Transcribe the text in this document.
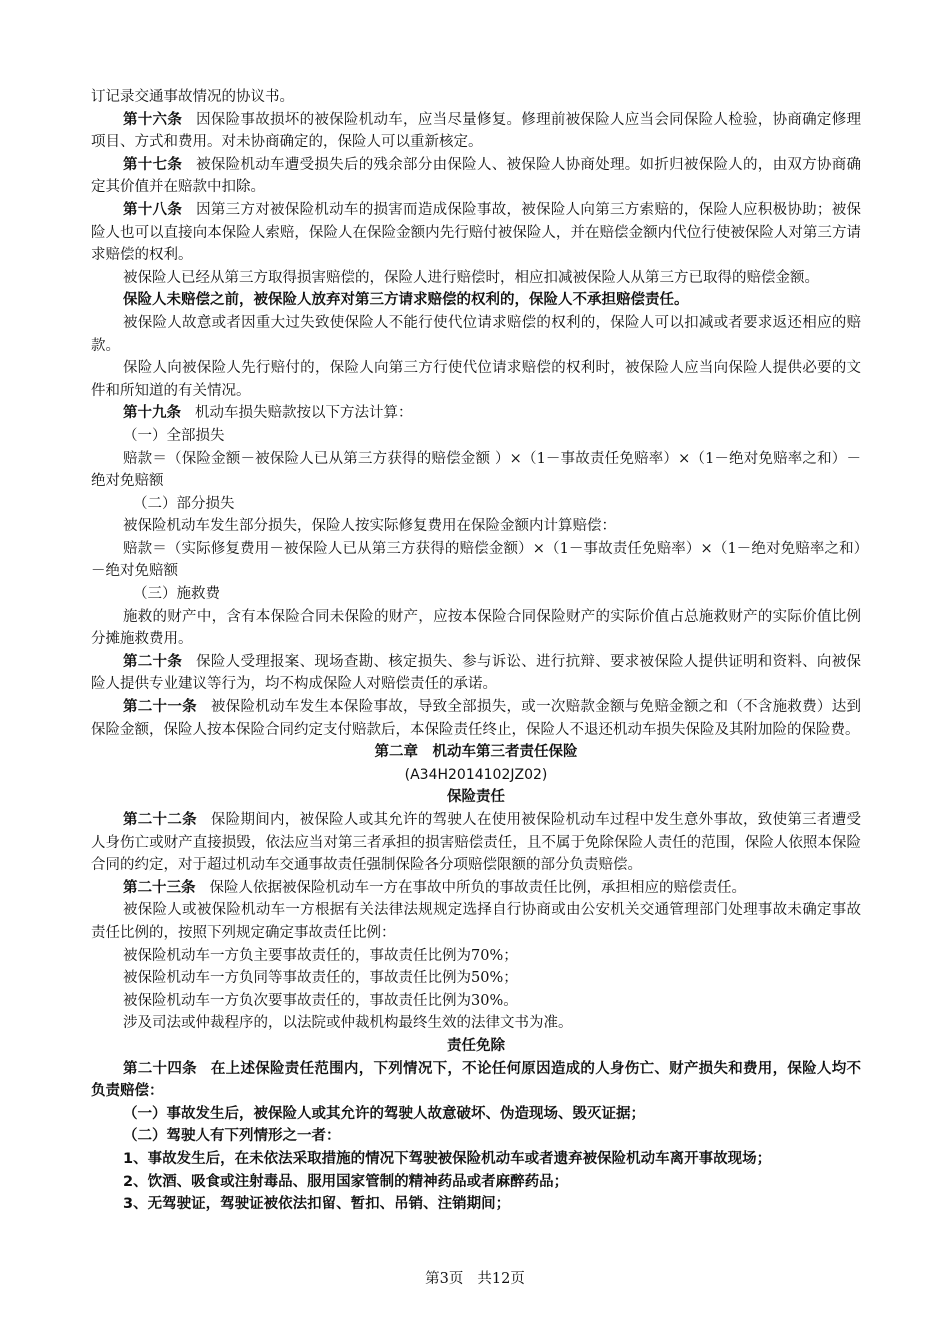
订记录交通事故情况的协议书。

第十六条 因保险事故损坏的被保险机动车，应当尽量修复。修理前被保险人应当会同保险人检验，协商确定修理项目、方式和费用。对未协商确定的，保险人可以重新核定。

第十七条 被保险机动车遭受损失后的残余部分由保险人、被保险人协商处理。如折归被保险人的，由双方协商确定其价值并在赔款中扣除。

第十八条 因第三方对被保险机动车的损害而造成保险事故，被保险人向第三方索赔的，保险人应积极协助；被保险人也可以直接向本保险人索赔，保险人在保险金额内先行赔付被保险人，并在赔偿金额内代位行使被保险人对第三方请求赔偿的权利。

被保险人已经从第三方取得损害赔偿的，保险人进行赔偿时，相应扣减被保险人从第三方已取得的赔偿金额。

保险人未赔偿之前，被保险人放弃对第三方请求赔偿的权利的，保险人不承担赔偿责任。

被保险人故意或者因重大过失致使保险人不能行使代位请求赔偿的权利的，保险人可以扣减或者要求返还相应的赔款。

保险人向被保险人先行赔付的，保险人向第三方行使代位请求赔偿的权利时，被保险人应当向保险人提供必要的文件和所知道的有关情况。

第十九条 机动车损失赔款按以下方法计算：

（一）全部损失

赔款＝（保险金额－被保险人已从第三方获得的赔偿金额 ）×（1－事故责任免赔率）×（1－绝对免赔率之和）－绝对免赔额

（二）部分损失

被保险机动车发生部分损失，保险人按实际修复费用在保险金额内计算赔偿：

赔款＝（实际修复费用－被保险人已从第三方获得的赔偿金额）×（1－事故责任免赔率）×（1－绝对免赔率之和）－绝对免赔额

（三）施救费

施救的财产中，含有本保险合同未保险的财产，应按本保险合同保险财产的实际价值占总施救财产的实际价值比例分摊施救费用。

第二十条 保险人受理报案、现场查勘、核定损失、参与诉讼、进行抗辩、要求被保险人提供证明和资料、向被保险人提供专业建议等行为，均不构成保险人对赔偿责任的承诺。

第二十一条 被保险机动车发生本保险事故，导致全部损失，或一次赔款金额与免赔金额之和（不含施救费）达到保险金额，保险人按本保险合同约定支付赔款后，本保险责任终止，保险人不退还机动车损失保险及其附加险的保险费。

第二章　机动车第三者责任保险

(A34H2014102JZ02)

保险责任

第二十二条 保险期间内，被保险人或其允许的驾驶人在使用被保险机动车过程中发生意外事故，致使第三者遭受人身伤亡或财产直接损毁，依法应当对第三者承担的损害赔偿责任，且不属于免除保险人责任的范围，保险人依照本保险合同的约定，对于超过机动车交通事故责任强制保险各分项赔偿限额的部分负责赔偿。

第二十三条 保险人依据被保险机动车一方在事故中所负的事故责任比例，承担相应的赔偿责任。

被保险人或被保险机动车一方根据有关法律法规规定选择自行协商或由公安机关交通管理部门处理事故未确定事故责任比例的，按照下列规定确定事故责任比例：

被保险机动车一方负主要事故责任的，事故责任比例为70%；

被保险机动车一方负同等事故责任的，事故责任比例为50%；

被保险机动车一方负次要事故责任的，事故责任比例为30%。

涉及司法或仲裁程序的，以法院或仲裁机构最终生效的法律文书为准。

责任免除

第二十四条 在上述保险责任范围内，下列情况下，不论任何原因造成的人身伤亡、财产损失和费用，保险人均不负责赔偿：

（一）事故发生后，被保险人或其允许的驾驶人故意破坏、伪造现场、毁灭证据；

（二）驾驶人有下列情形之一者：

1、事故发生后，在未依法采取措施的情况下驾驶被保险机动车或者遗弃被保险机动车离开事故现场；

2、饮酒、吸食或注射毒品、服用国家管制的精神药品或者麻醉药品；

3、无驾驶证，驾驶证被依法扣留、暂扣、吊销、注销期间；

第3页 共12页
